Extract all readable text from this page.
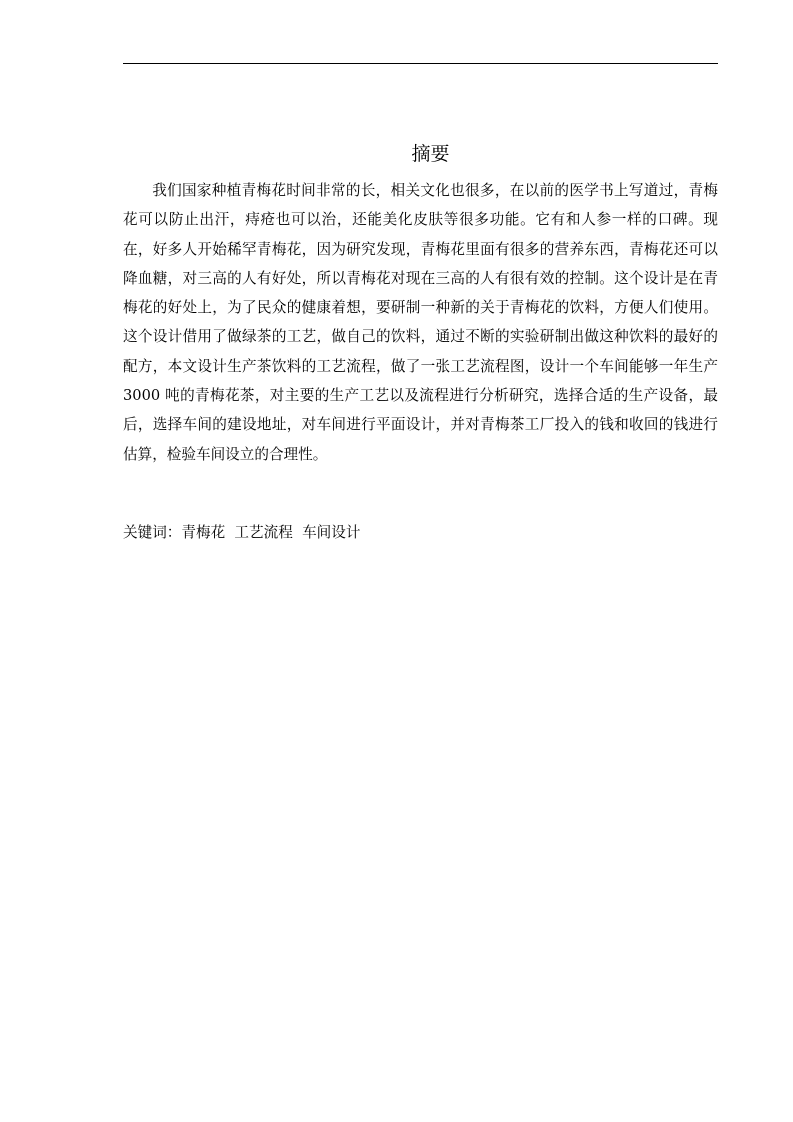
摘要

我们国家种植青梅花时间非常的长，相关文化也很多，在以前的医学书上写道过，青梅花可以防止出汗，痔疮也可以治，还能美化皮肤等很多功能。它有和人参一样的口碑。现在，好多人开始稀罕青梅花，因为研究发现，青梅花里面有很多的营养东西，青梅花还可以降血糖，对三高的人有好处，所以青梅花对现在三高的人有很有效的控制。这个设计是在青梅花的好处上，为了民众的健康着想，要研制一种新的关于青梅花的饮料，方便人们使用。这个设计借用了做绿茶的工艺，做自己的饮料，通过不断的实验研制出做这种饮料的最好的配方，本文设计生产茶饮料的工艺流程，做了一张工艺流程图，设计一个车间能够一年生产 3000 吨的青梅花茶，对主要的生产工艺以及流程进行分析研究，选择合适的生产设备，最后，选择车间的建设地址，对车间进行平面设计，并对青梅茶工厂投入的钱和收回的钱进行估算，检验车间设立的合理性。

关键词：青梅花  工艺流程  车间设计
